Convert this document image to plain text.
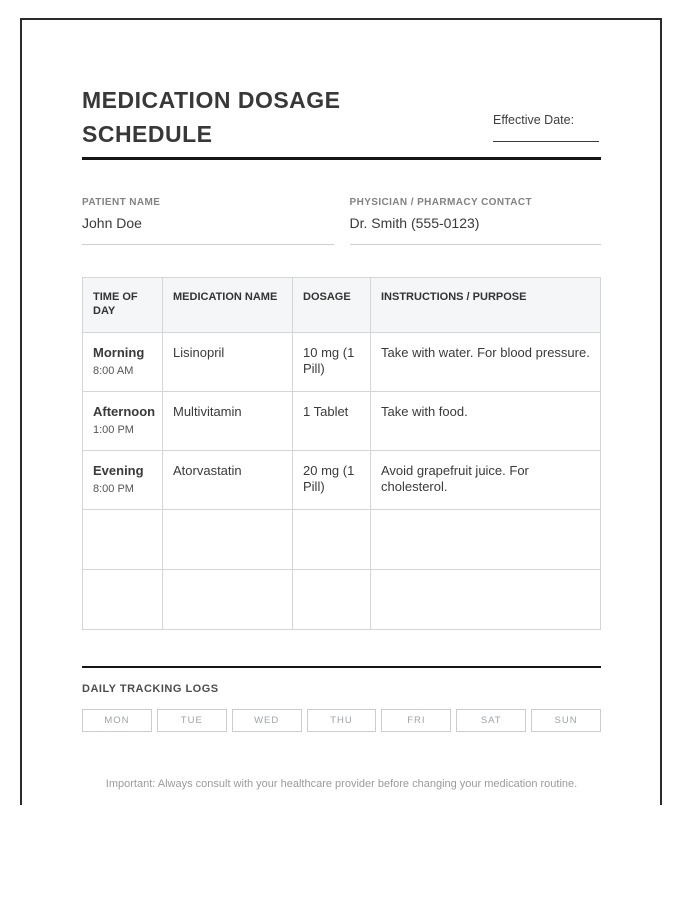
MEDICATION DOSAGE SCHEDULE
Effective Date:
PATIENT NAME
John Doe
PHYSICIAN / PHARMACY CONTACT
Dr. Smith (555-0123)
TIME OF DAY	MEDICATION NAME	DOSAGE	INSTRUCTIONS / PURPOSE

Morning
8:00 AM	Lisinopril	10 mg (1 Pill)	Take with water. For blood pressure.

Afternoon
1:00 PM	Multivitamin	1 Tablet	Take with food.

Evening
8:00 PM	Atorvastatin	20 mg (1 Pill)	Avoid grapefruit juice. For cholesterol.

DAILY TRACKING LOGS
MON	TUE	WED	THU	FRI	SAT	SUN
Important: Always consult with your healthcare provider before changing your medication routine.
